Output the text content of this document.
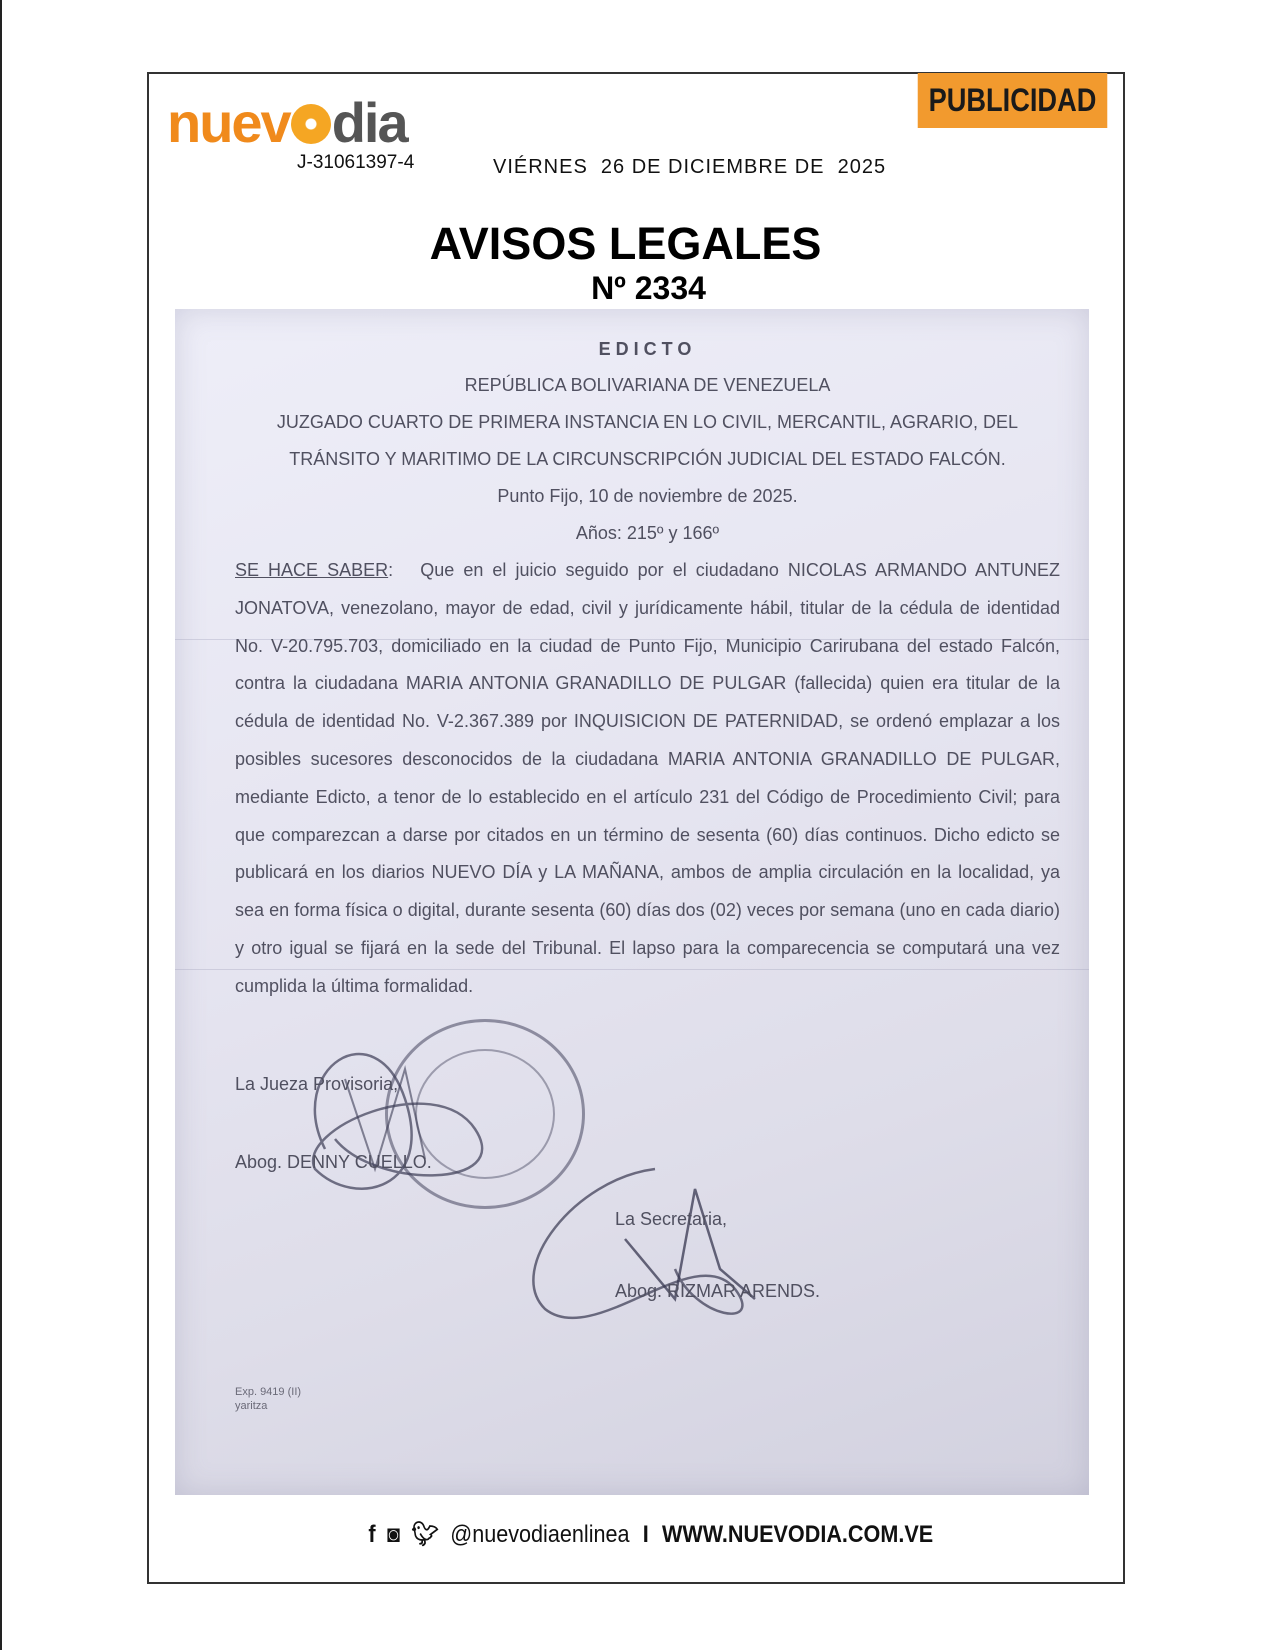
nuev dia
J-31061397-4	VIÉRNES  26 DE DICIEMBRE DE  2025
PUBLICIDAD
AVISOS LEGALES
Nº 2334

EDICTO

REPÚBLICA BOLIVARIANA DE VENEZUELA

JUZGADO CUARTO DE PRIMERA INSTANCIA EN LO CIVIL, MERCANTIL, AGRARIO, DEL

TRÁNSITO Y MARITIMO DE LA CIRCUNSCRIPCIÓN JUDICIAL DEL ESTADO FALCÓN.

Punto Fijo, 10 de noviembre de 2025.

Años: 215º y 166º

SE HACE SABER:   Que en el juicio seguido por el ciudadano NICOLAS ARMANDO ANTUNEZ JONATOVA, venezolano, mayor de edad, civil y jurídicamente hábil, titular de la cédula de identidad No. V-20.795.703, domiciliado en la ciudad de Punto Fijo, Municipio Carirubana del estado Falcón, contra la ciudadana MARIA ANTONIA GRANADILLO DE PULGAR (fallecida) quien era titular de la cédula de identidad No. V-2.367.389 por INQUISICION DE PATERNIDAD, se ordenó emplazar a los posibles sucesores desconocidos de la ciudadana MARIA ANTONIA GRANADILLO DE PULGAR, mediante Edicto, a tenor de lo establecido en el artículo 231 del Código de Procedimiento Civil; para que comparezcan a darse por citados en un término de sesenta (60) días continuos. Dicho edicto se publicará en los diarios NUEVO DÍA y LA MAÑANA, ambos de amplia circulación en la localidad, ya sea en forma física o digital, durante sesenta (60) días dos (02) veces por semana (uno en cada diario) y otro igual se fijará en la sede del Tribunal. El lapso para la comparecencia se computará una vez cumplida la última formalidad.

La Jueza Provisoria,
Abog. DENNY CUELLO.
La Secretaria,
Abog. RIZMAR ARENDS.
Exp. 9419 (II)
yaritza
f ◙ 🐦︎ @nuevodiaenlinea I WWW.NUEVODIA.COM.VE
